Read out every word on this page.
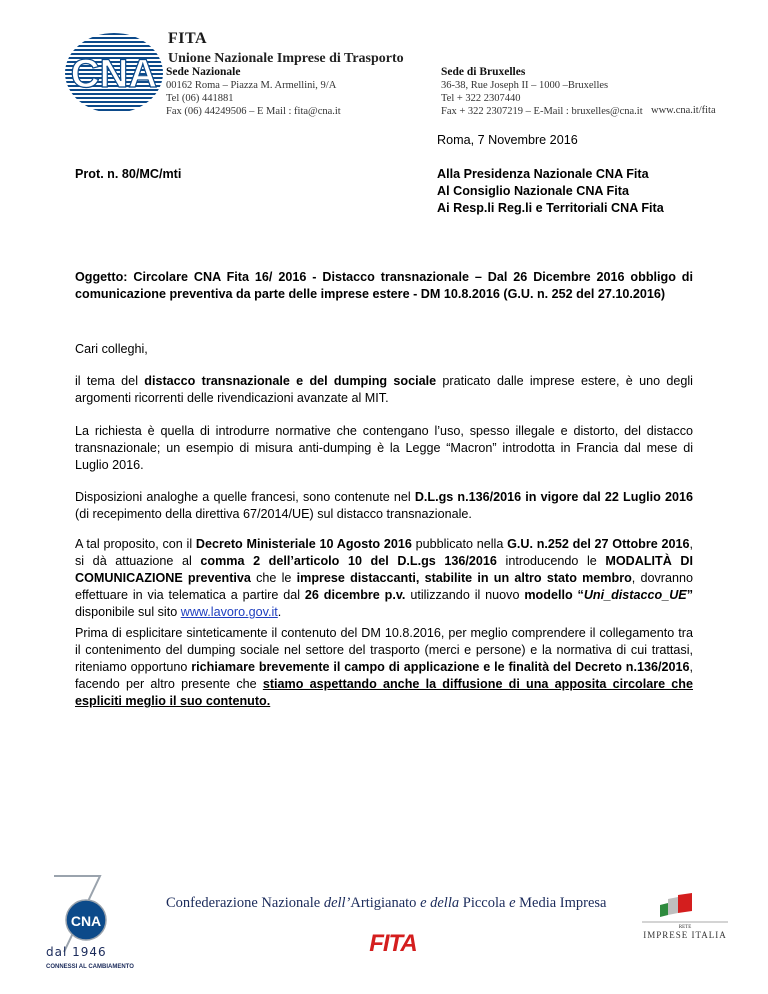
CNA
FITA
Unione Nazionale Imprese di Trasporto
Sede Nazionale
00162 Roma – Piazza M. Armellini, 9/A
Tel (06) 441881
Fax (06) 44249506 – E Mail : fita@cna.it
Sede di Bruxelles
36-38, Rue Joseph II – 1000 –Bruxelles
Tel + 322 2307440
Fax + 322 2307219 – E-Mail : bruxelles@cna.it www.cna.it/fita
Roma, 7 Novembre 2016
Prot. n. 80/MC/mti	Alla Presidenza Nazionale CNA Fita
Al Consiglio Nazionale CNA Fita
Ai Resp.li Reg.li e Territoriali CNA Fita
Oggetto: Circolare CNA Fita 16/ 2016 - Distacco transnazionale – Dal 26 Dicembre 2016 obbligo di comunicazione preventiva da parte delle imprese estere - DM 10.8.2016 (G.U. n. 252 del 27.10.2016)
Cari colleghi,
il tema del distacco transnazionale e del dumping sociale praticato dalle imprese estere, è uno degli argomenti ricorrenti delle rivendicazioni avanzate al MIT.
La richiesta è quella di introdurre normative che contengano l’uso, spesso illegale e distorto, del distacco transnazionale; un esempio di misura anti-dumping è la Legge “Macron” introdotta in Francia dal mese di Luglio 2016.
Disposizioni analoghe a quelle francesi, sono contenute nel D.L.gs n.136/2016 in vigore dal 22 Luglio 2016 (di recepimento della direttiva 67/2014/UE) sul distacco transnazionale.
A tal proposito, con il Decreto Ministeriale 10 Agosto 2016 pubblicato nella G.U. n.252 del 27 Ottobre 2016, si dà attuazione al comma 2 dell’articolo 10 del D.L.gs 136/2016 introducendo le MODALITÀ DI COMUNICAZIONE preventiva che le imprese distaccanti, stabilite in un altro stato membro, dovranno effettuare in via telematica a partire dal 26 dicembre p.v. utilizzando il nuovo modello “Uni_distacco_UE” disponibile sul sito www.lavoro.gov.it.
Prima di esplicitare sinteticamente il contenuto del DM 10.8.2016, per meglio comprendere il collegamento tra il contenimento del dumping sociale nel settore del trasporto (merci e persone) e la normativa di cui trattasi, riteniamo opportuno richiamare brevemente il campo di applicazione e le finalità del Decreto n.136/2016, facendo per altro presente che stiamo aspettando anche la diffusione di una apposita circolare che espliciti meglio il suo contenuto.
CNA
dal 1946
CONNESSI AL CAMBIAMENTO
Confederazione Nazionale dell’Artigianato e della Piccola e Media Impresa
FITA
RETE
IMPRESE ITALIA
